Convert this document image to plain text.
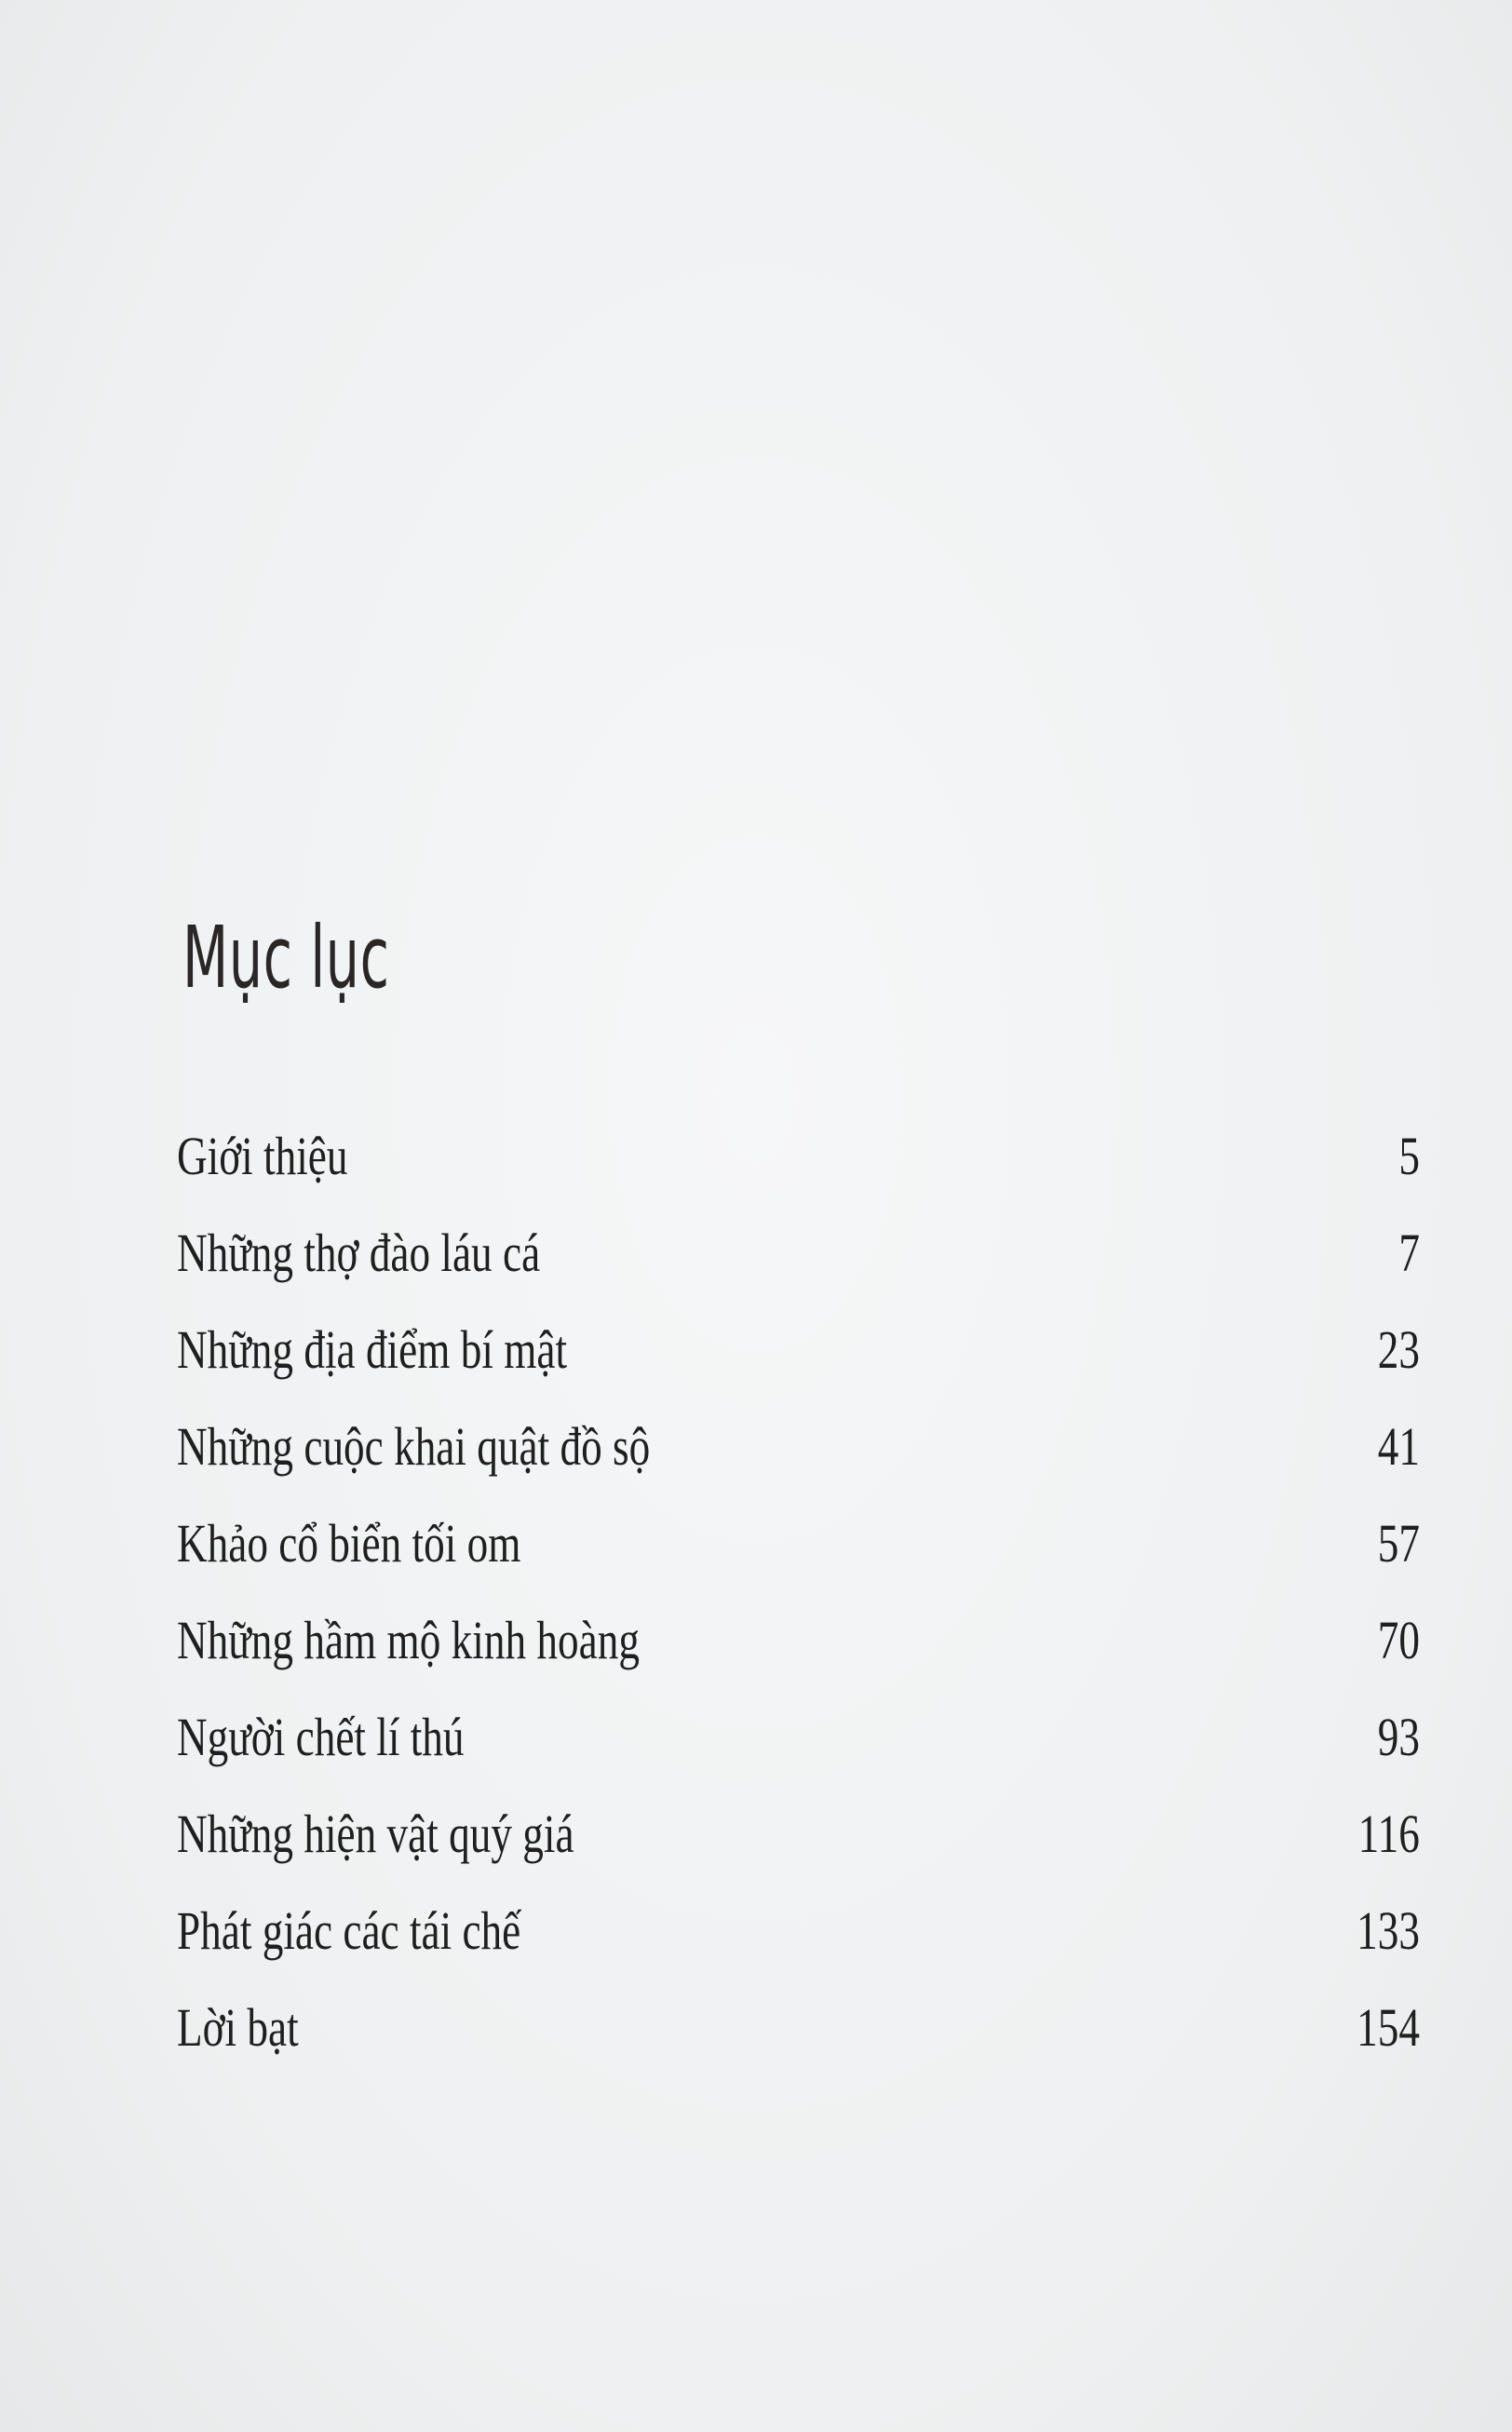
Mục lục
Giới thiệu	5
Những thợ đào láu cá	7
Những địa điểm bí mật	23
Những cuộc khai quật đồ sộ	41
Khảo cổ biển tối om	57
Những hầm mộ kinh hoàng	70
Người chết lí thú	93
Những hiện vật quý giá	116
Phát giác các tái chế	133
Lời bạt	154
